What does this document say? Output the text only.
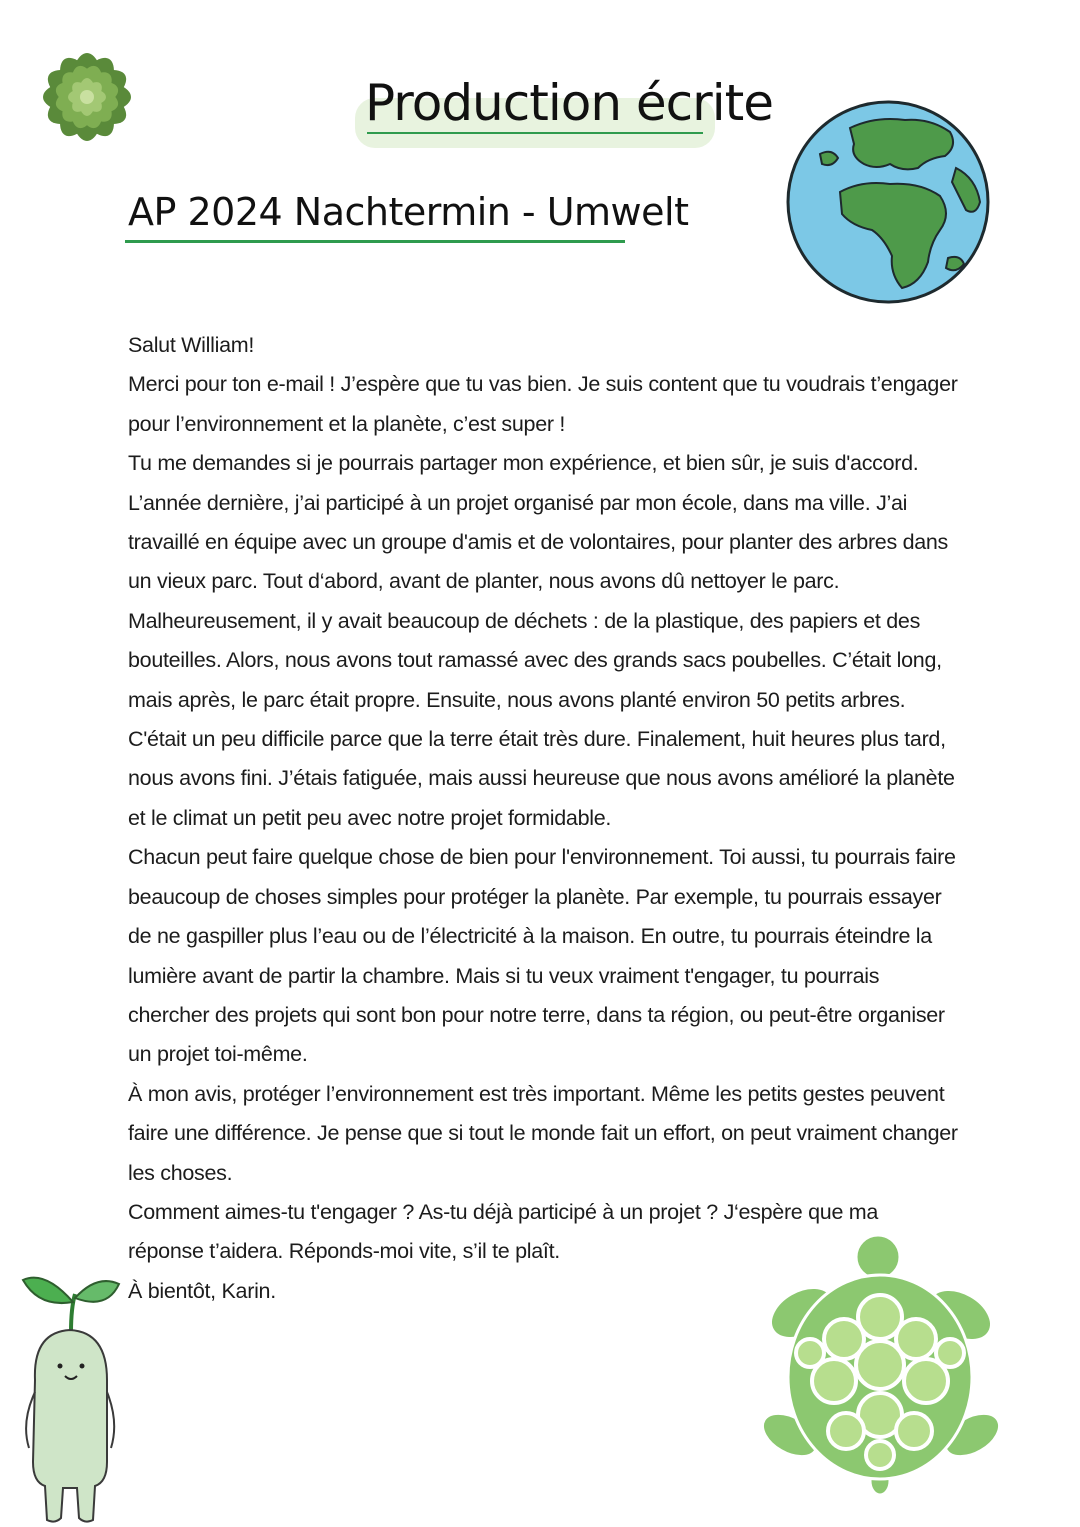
Production écrite
AP 2024 Nachtermin - Umwelt

Salut William!

Merci pour ton e-mail ! J’espère que tu vas bien. Je suis content que tu voudrais t’engager pour l’environnement et la planète, c’est super !

Tu me demandes si je pourrais partager mon expérience, et bien sûr, je suis d'accord. L’année dernière, j’ai participé à un projet organisé par mon école, dans ma ville. J’ai travaillé en équipe avec un groupe d'amis et de volontaires, pour planter des arbres dans un vieux parc. Tout d‘abord, avant de planter, nous avons dû nettoyer le parc. Malheureusement, il y avait beaucoup de déchets : de la plastique, des papiers et des bouteilles. Alors, nous avons tout ramassé avec des grands sacs poubelles. C’était long, mais après, le parc était propre. Ensuite, nous avons planté environ 50 petits arbres. C'était un peu difficile parce que la terre était très dure. Finalement, huit heures plus tard, nous avons fini. J’étais fatiguée, mais aussi heureuse que nous avons amélioré la planète et le climat un petit peu avec notre projet formidable.

Chacun peut faire quelque chose de bien pour l'environnement. Toi aussi, tu pourrais faire beaucoup de choses simples pour protéger la planète. Par exemple, tu pourrais essayer de ne gaspiller plus l’eau ou de l’électricité à la maison. En outre, tu pourrais éteindre la lumière avant de partir la chambre. Mais si tu veux vraiment t'engager, tu pourrais chercher des projets qui sont bon pour notre terre, dans ta région, ou peut-être organiser un projet toi-même.

À mon avis, protéger l’environnement est très important. Même les petits gestes peuvent faire une différence. Je pense que si tout le monde fait un effort, on peut vraiment changer les choses.

Comment aimes-tu t'engager ? As-tu déjà participé à un projet ? J‘espère que ma réponse t’aidera. Réponds-moi vite, s’il te plaît.

À bientôt, Karin.
